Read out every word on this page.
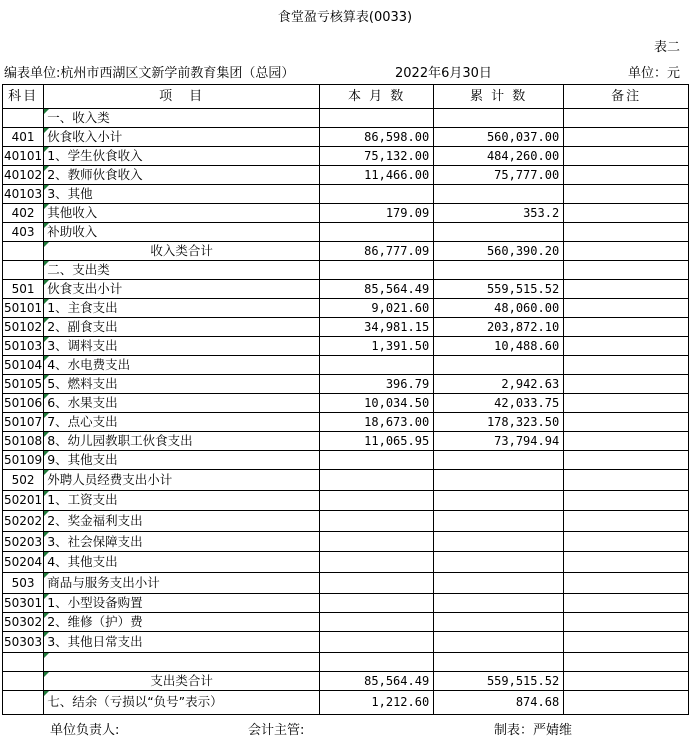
食堂盈亏核算表(0033)
表二
编表单位:杭州市西湖区文新学前教育集团（总园）	2022年6月30日	单位：元
科目	项　目	本 月 数	累 计 数	备注
	一、收入类			
401	伙食收入小计	86,598.00	560,037.00	
40101	1、学生伙食收入	75,132.00	484,260.00	
40102	2、教师伙食收入	11,466.00	75,777.00	
40103	3、其他			
402	其他收入	179.09	353.2	
403	补助收入			
	收入类合计	86,777.09	560,390.20	
	二、支出类			
501	伙食支出小计	85,564.49	559,515.52	
50101	1、主食支出	9,021.60	48,060.00	
50102	2、副食支出	34,981.15	203,872.10	
50103	3、调料支出	1,391.50	10,488.60	
50104	4、水电费支出			
50105	5、燃料支出	396.79	2,942.63	
50106	6、水果支出	10,034.50	42,033.75	
50107	7、点心支出	18,673.00	178,323.50	
50108	8、幼儿园教职工伙食支出	11,065.95	73,794.94	
50109	9、其他支出			
502	外聘人员经费支出小计			
50201	1、工资支出			
50202	2、奖金福利支出			
50203	3、社会保障支出			
50204	4、其他支出			
503	商品与服务支出小计			
50301	1、小型设备购置			
50302	2、维修（护）费			
50303	3、其他日常支出			

	支出类合计	85,564.49	559,515.52	
	七、结余（亏损以“负号”表示）	1,212.60	874.68	
单位负责人:	会计主管:	制表：严婧维
